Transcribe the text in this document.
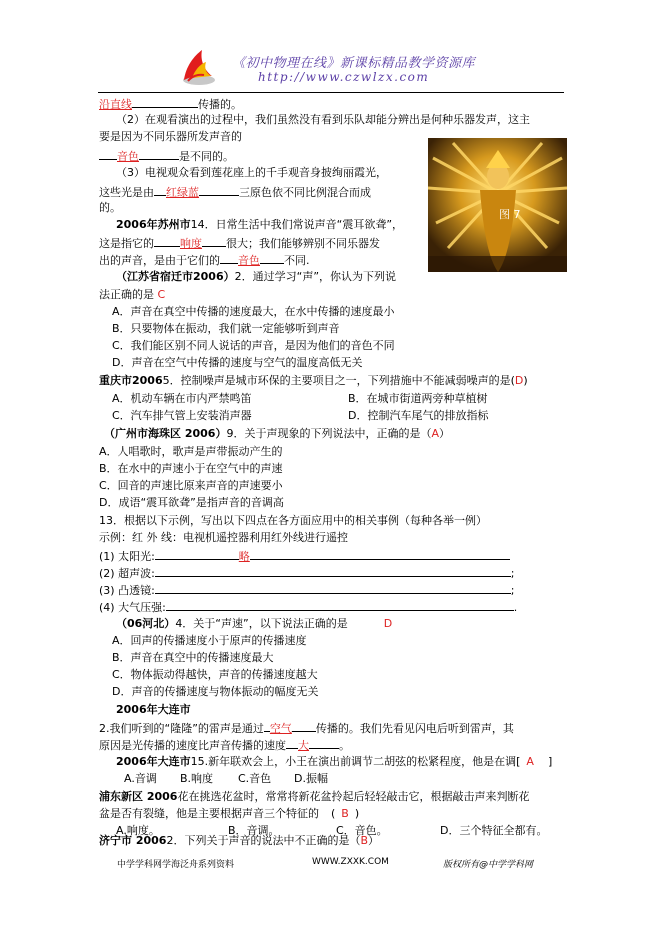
《初中物理在线》新课标精品教学资源库
http://www.czwlzx.com
图 7
沿直线	传播的。
（2）在观看演出的过程中，我们虽然没有看到乐队却能分辨出是何种乐器发声，这主
要是因为不同乐器所发声音的
音色	是不同的。
（3）电视观众看到莲花座上的千手观音身披绚丽霞光，
这些光是由 红绿蓝	三原色依不同比例混合而成
的。
2006年苏州市14．日常生活中我们常说声音“震耳欲聋”，
这是指它的 响度 很大；我们能够辨别不同乐器发
出的声音，是由于它们的 音色 不同.
（江苏省宿迁市2006）2．通过学习“声”，你认为下列说
法正确的是 C
A．声音在真空中传播的速度最大，在水中传播的速度最小
B．只要物体在振动，我们就一定能够听到声音
C．我们能区别不同人说话的声音，是因为他们的音色不同
D．声音在空气中传播的速度与空气的温度高低无关
重庆市20065．控制噪声是城市环保的主要项目之一，下列措施中不能减弱噪声的是(D)
A．机动车辆在市内严禁鸣笛	B．在城市街道两旁种草植树
C．汽车排气管上安装消声器	D．控制汽车尾气的排放指标
（广州市海珠区 2006）9．关于声现象的下列说法中，正确的是（A）
A．人唱歌时，歌声是声带振动产生的
B．在水中的声速小于在空气中的声速
C．回音的声速比原来声音的声速要小
D．成语“震耳欲聋”是指声音的音调高
13．根据以下示例，写出以下四点在各方面应用中的相关事例（每种各举一例）
示例：红 外 线：电视机遥控器利用红外线进行遥控
(1) 太阳光:	略
(2) 超声波:	;
(3) 凸透镜:	;
(4) 大气压强:	.
（06河北）4．关于“声速”，以下说法正确的是	D
A．回声的传播速度小于原声的传播速度
B．声音在真空中的传播速度最大
C．物体振动得越快，声音的传播速度越大
D．声音的传播速度与物体振动的幅度无关
2006年大连市
2.我们听到的“隆隆”的雷声是通过 空气 传播的。我们先看见闪电后听到雷声，其
原因是光传播的速度比声音传播的速度 大	。
2006年大连市15.新年联欢会上，小王在演出前调节二胡弦的松紧程度，他是在调[ A ]
A.音调 B.响度 C.音色 D.振幅
浦东新区 2006花在挑选花盆时，常常将新花盆拎起后轻轻敲击它，根据敲击声来判断花
盆是否有裂缝，他是主要根据声音三个特征的 ( B )
A.响度。	B．音调。	C．音色。	D．三个特征全都有。
济宁市 20062．下列关于声音的说法中不正确的是（B）
中学学科网学海泛舟系列资料	WWW.ZXXK.COM	版权所有@中学学科网
